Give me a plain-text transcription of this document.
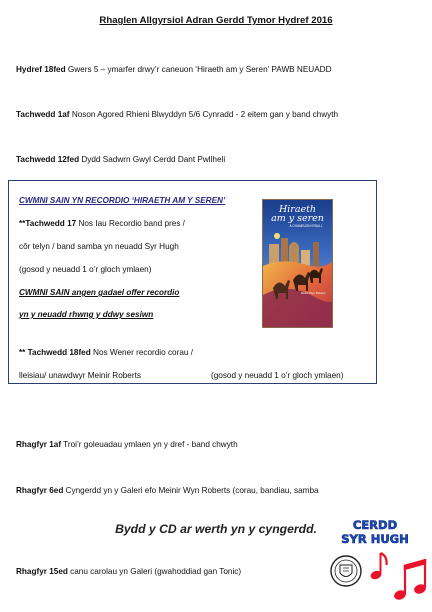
Rhaglen Allgyrsiol Adran Gerdd Tymor Hydref 2016
Hydref 18fed Gwers 5 – ymarfer drwy’r caneuon ‘Hiraeth am y Seren’ PAWB NEUADD
Tachwedd 1af Noson Agored Rhieni Blwyddyn 5/6 Cynradd - 2 eitem gan y band chwyth
Tachwedd 12fed Dydd Sadwrn Gwyl Cerdd Dant Pwllheli
CWMNI SAIN YN RECORDIO ‘HIRAETH AM Y SEREN’
**Tachwedd 17 Nos Iau Recordio band pres /
côr telyn / band samba yn neuadd Syr Hugh
(gosod y neuadd 1 o’r gloch ymlaen)
CWMNI SAIN angen gadael offer recordio
yn y neuadd rhwng y ddwy sesiwn
** Tachwedd 18fed Nos Wener recordio corau /
lleisiau/ unawdwyr Meinir Roberts	(gosod y neuadd 1 o’r gloch ymlaen)
Hiraeth
am y seren
A CHANEUON ERAILL
Meinir Wyn Roberts
Rhagfyr 1af Troi’r goleuadau ymlaen yn y dref - band chwyth
Rhagfyr 6ed Cyngerdd yn y Galeri efo Meinir Wyn Roberts (corau, bandiau, samba
Bydd y CD ar werth yn y cyngerdd.
Rhagfyr 15ed canu carolau yn Galeri (gwahoddiad gan Tonic)
CERDD
SYR HUGH
